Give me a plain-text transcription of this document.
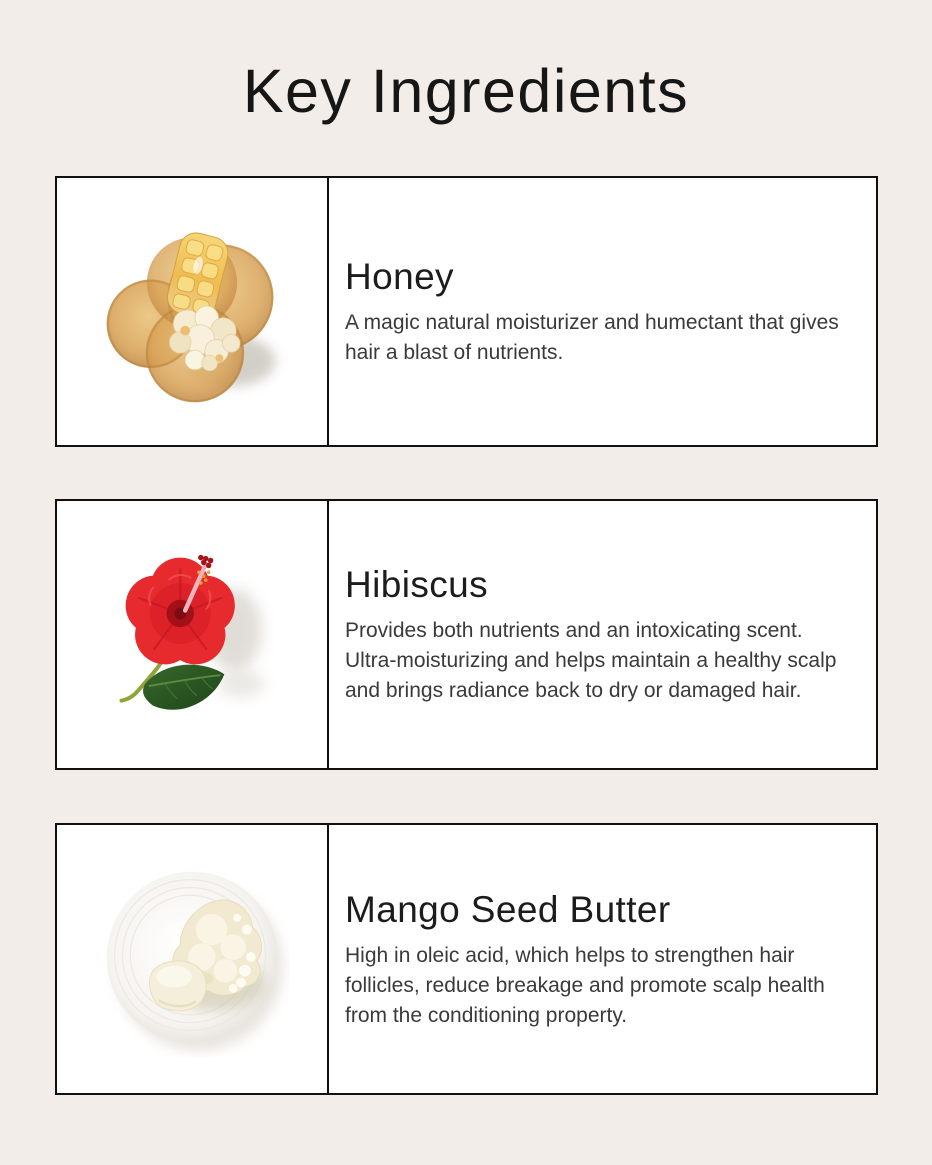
Key Ingredients
Honey

A magic natural moisturizer and humectant that gives hair a blast of nutrients.

Hibiscus

Provides both nutrients and an intoxicating scent. Ultra-moisturizing and helps maintain a healthy scalp and brings radiance back to dry or damaged hair.

Mango Seed Butter

High in oleic acid, which helps to strengthen hair follicles, reduce breakage and promote scalp health from the conditioning property.
